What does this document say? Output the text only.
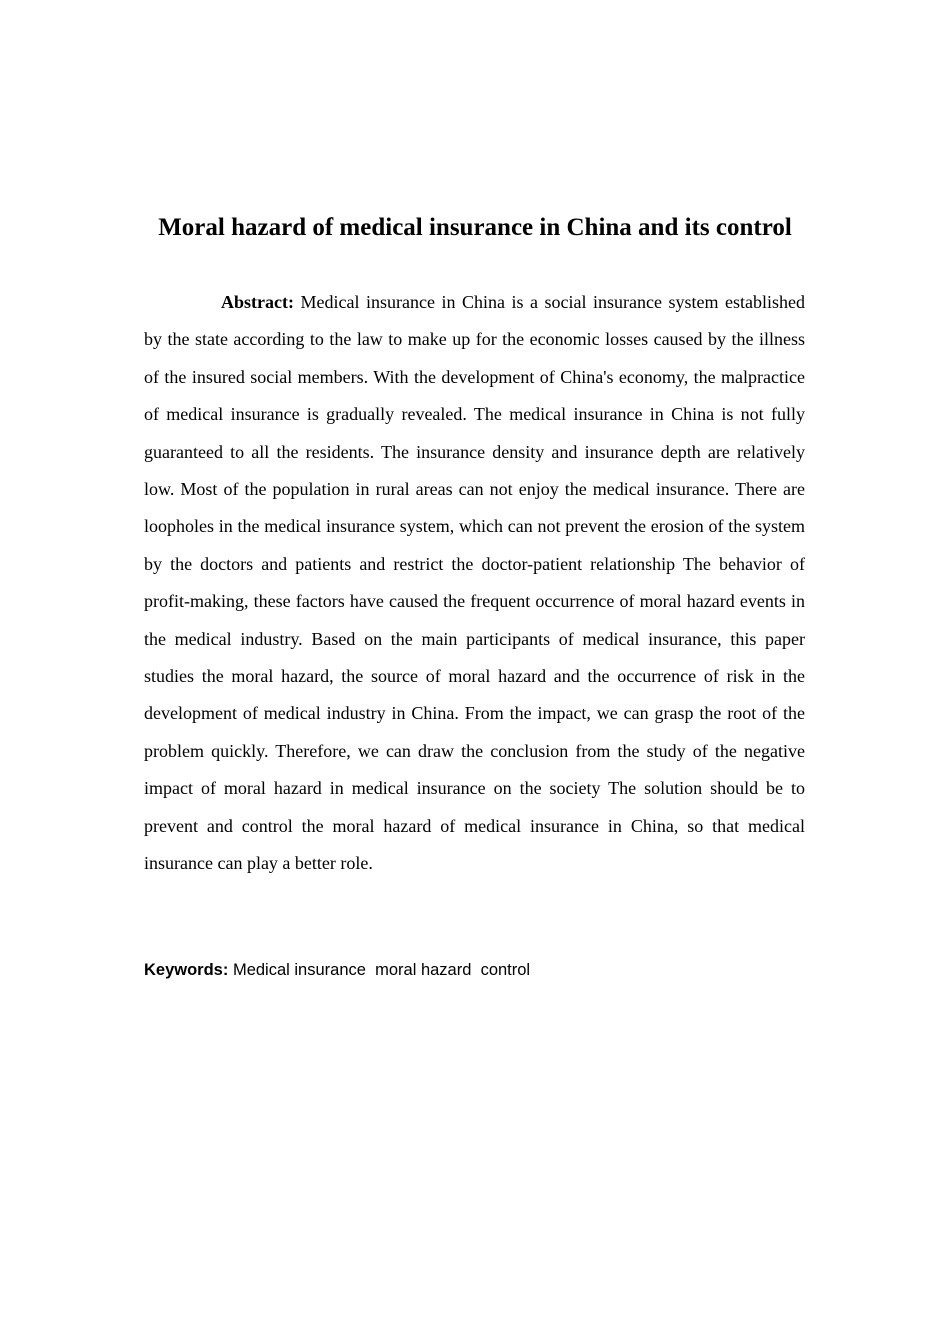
Moral hazard of medical insurance in China and its control

Abstract: Medical insurance in China is a social insurance system established by the state according to the law to make up for the economic losses caused by the illness of the insured social members. With the development of China's economy, the malpractice of medical insurance is gradually revealed. The medical insurance in China is not fully guaranteed to all the residents. The insurance density and insurance depth are relatively low. Most of the population in rural areas can not enjoy the medical insurance. There are loopholes in the medical insurance system, which can not prevent the erosion of the system by the doctors and patients and restrict the doctor-patient relationship The behavior of profit-making, these factors have caused the frequent occurrence of moral hazard events in the medical industry. Based on the main participants of medical insurance, this paper studies the moral hazard, the source of moral hazard and the occurrence of risk in the development of medical industry in China. From the impact, we can grasp the root of the problem quickly. Therefore, we can draw the conclusion from the study of the negative impact of moral hazard in medical insurance on the society The solution should be to prevent and control the moral hazard of medical insurance in China, so that medical insurance can play a better role.

Keywords: Medical insurance moral hazard control
